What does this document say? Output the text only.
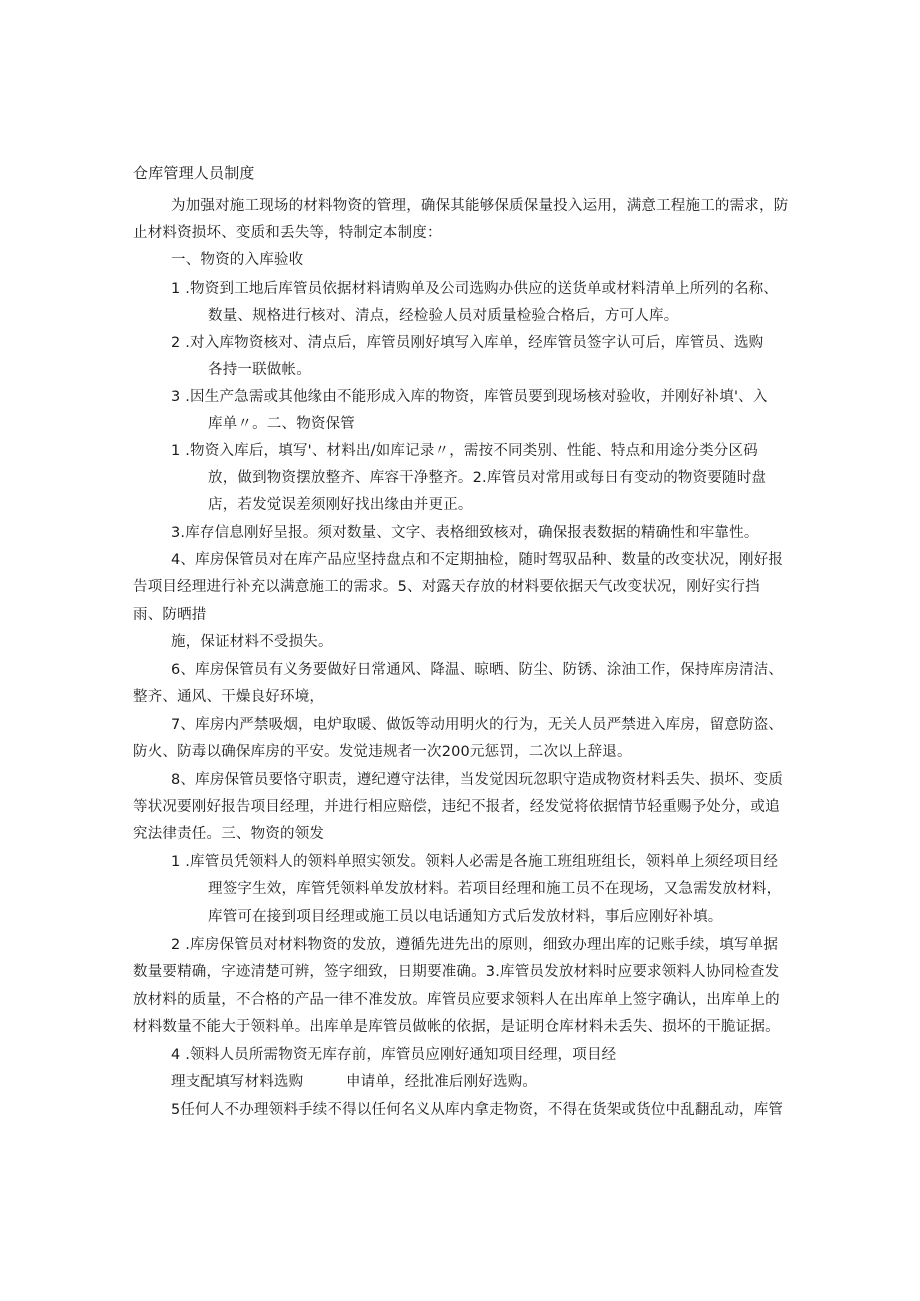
仓库管理人员制度
为加强对施工现场的材料物资的管理，确保其能够保质保量投入运用，满意工程施工的需求，防
止材料资损坏、变质和丢失等，特制定本制度：
一、物资的入库验收
1 .物资到工地后库管员依据材料请购单及公司选购办供应的送货单或材料清单上所列的名称、
数量、规格进行核对、清点，经检验人员对质量检验合格后，方可人库。
2 .对入库物资核对、清点后，库管员刚好填写入库单，经库管员签字认可后，库管员、选购
各持一联做帐。
3 .因生产急需或其他缘由不能形成入库的物资，库管员要到现场核对验收，并刚好补填'、入
库单〃。二、物资保管
1 .物资入库后，填写'、材料出/如库记录〃，需按不同类别、性能、特点和用途分类分区码
放，做到物资摆放整齐、库容干净整齐。2.库管员对常用或每日有变动的物资要随时盘
店，若发觉误差须刚好找出缘由并更正。
3.库存信息刚好呈报。须对数量、文字、表格细致核对，确保报表数据的精确性和牢靠性。
4、库房保管员对在库产品应坚持盘点和不定期抽检，随时驾驭品种、数量的改变状况，刚好报
告项目经理进行补充以满意施工的需求。5、对露天存放的材料要依据天气改变状况，刚好实行挡
雨、防晒措
施，保证材料不受损失。
6、库房保管员有义务要做好日常通风、降温、晾晒、防尘、防锈、涂油工作，保持库房清洁、
整齐、通风、干燥良好环境，
7、库房内严禁吸烟，电炉取暖、做饭等动用明火的行为，无关人员严禁进入库房，留意防盗、
防火、防毒以确保库房的平安。发觉违规者一次200元惩罚，二次以上辞退。
8、库房保管员要恪守职责，遵纪遵守法律，当发觉因玩忽职守造成物资材料丢失、损坏、变质
等状况要刚好报告项目经理，并进行相应赔偿，违纪不报者，经发觉将依据情节轻重赐予处分，或追
究法律责任。三、物资的领发
1 .库管员凭领料人的领料单照实领发。领料人必需是各施工班组班组长，领料单上须经项目经
理签字生效，库管凭领料单发放材料。若项目经理和施工员不在现场，又急需发放材料，
库管可在接到项目经理或施工员以电话通知方式后发放材料，事后应刚好补填。
2 .库房保管员对材料物资的发放，遵循先进先出的原则，细致办理出库的记账手续，填写单据
数量要精确，字迹清楚可辨，签字细致，日期要准确。3.库管员发放材料时应要求领料人协同检查发
放材料的质量，不合格的产品一律不准发放。库管员应要求领料人在出库单上签字确认，出库单上的
材料数量不能大于领料单。出库单是库管员做帐的依据，是证明仓库材料未丢失、损坏的干脆证据。
4 .领料人员所需物资无库存前，库管员应刚好通知项目经理，项目经
理支配填写材料选购	申请单，经批准后刚好选购。
5任何人不办理领料手续不得以任何名义从库内拿走物资，不得在货架或货位中乱翻乱动，库管
